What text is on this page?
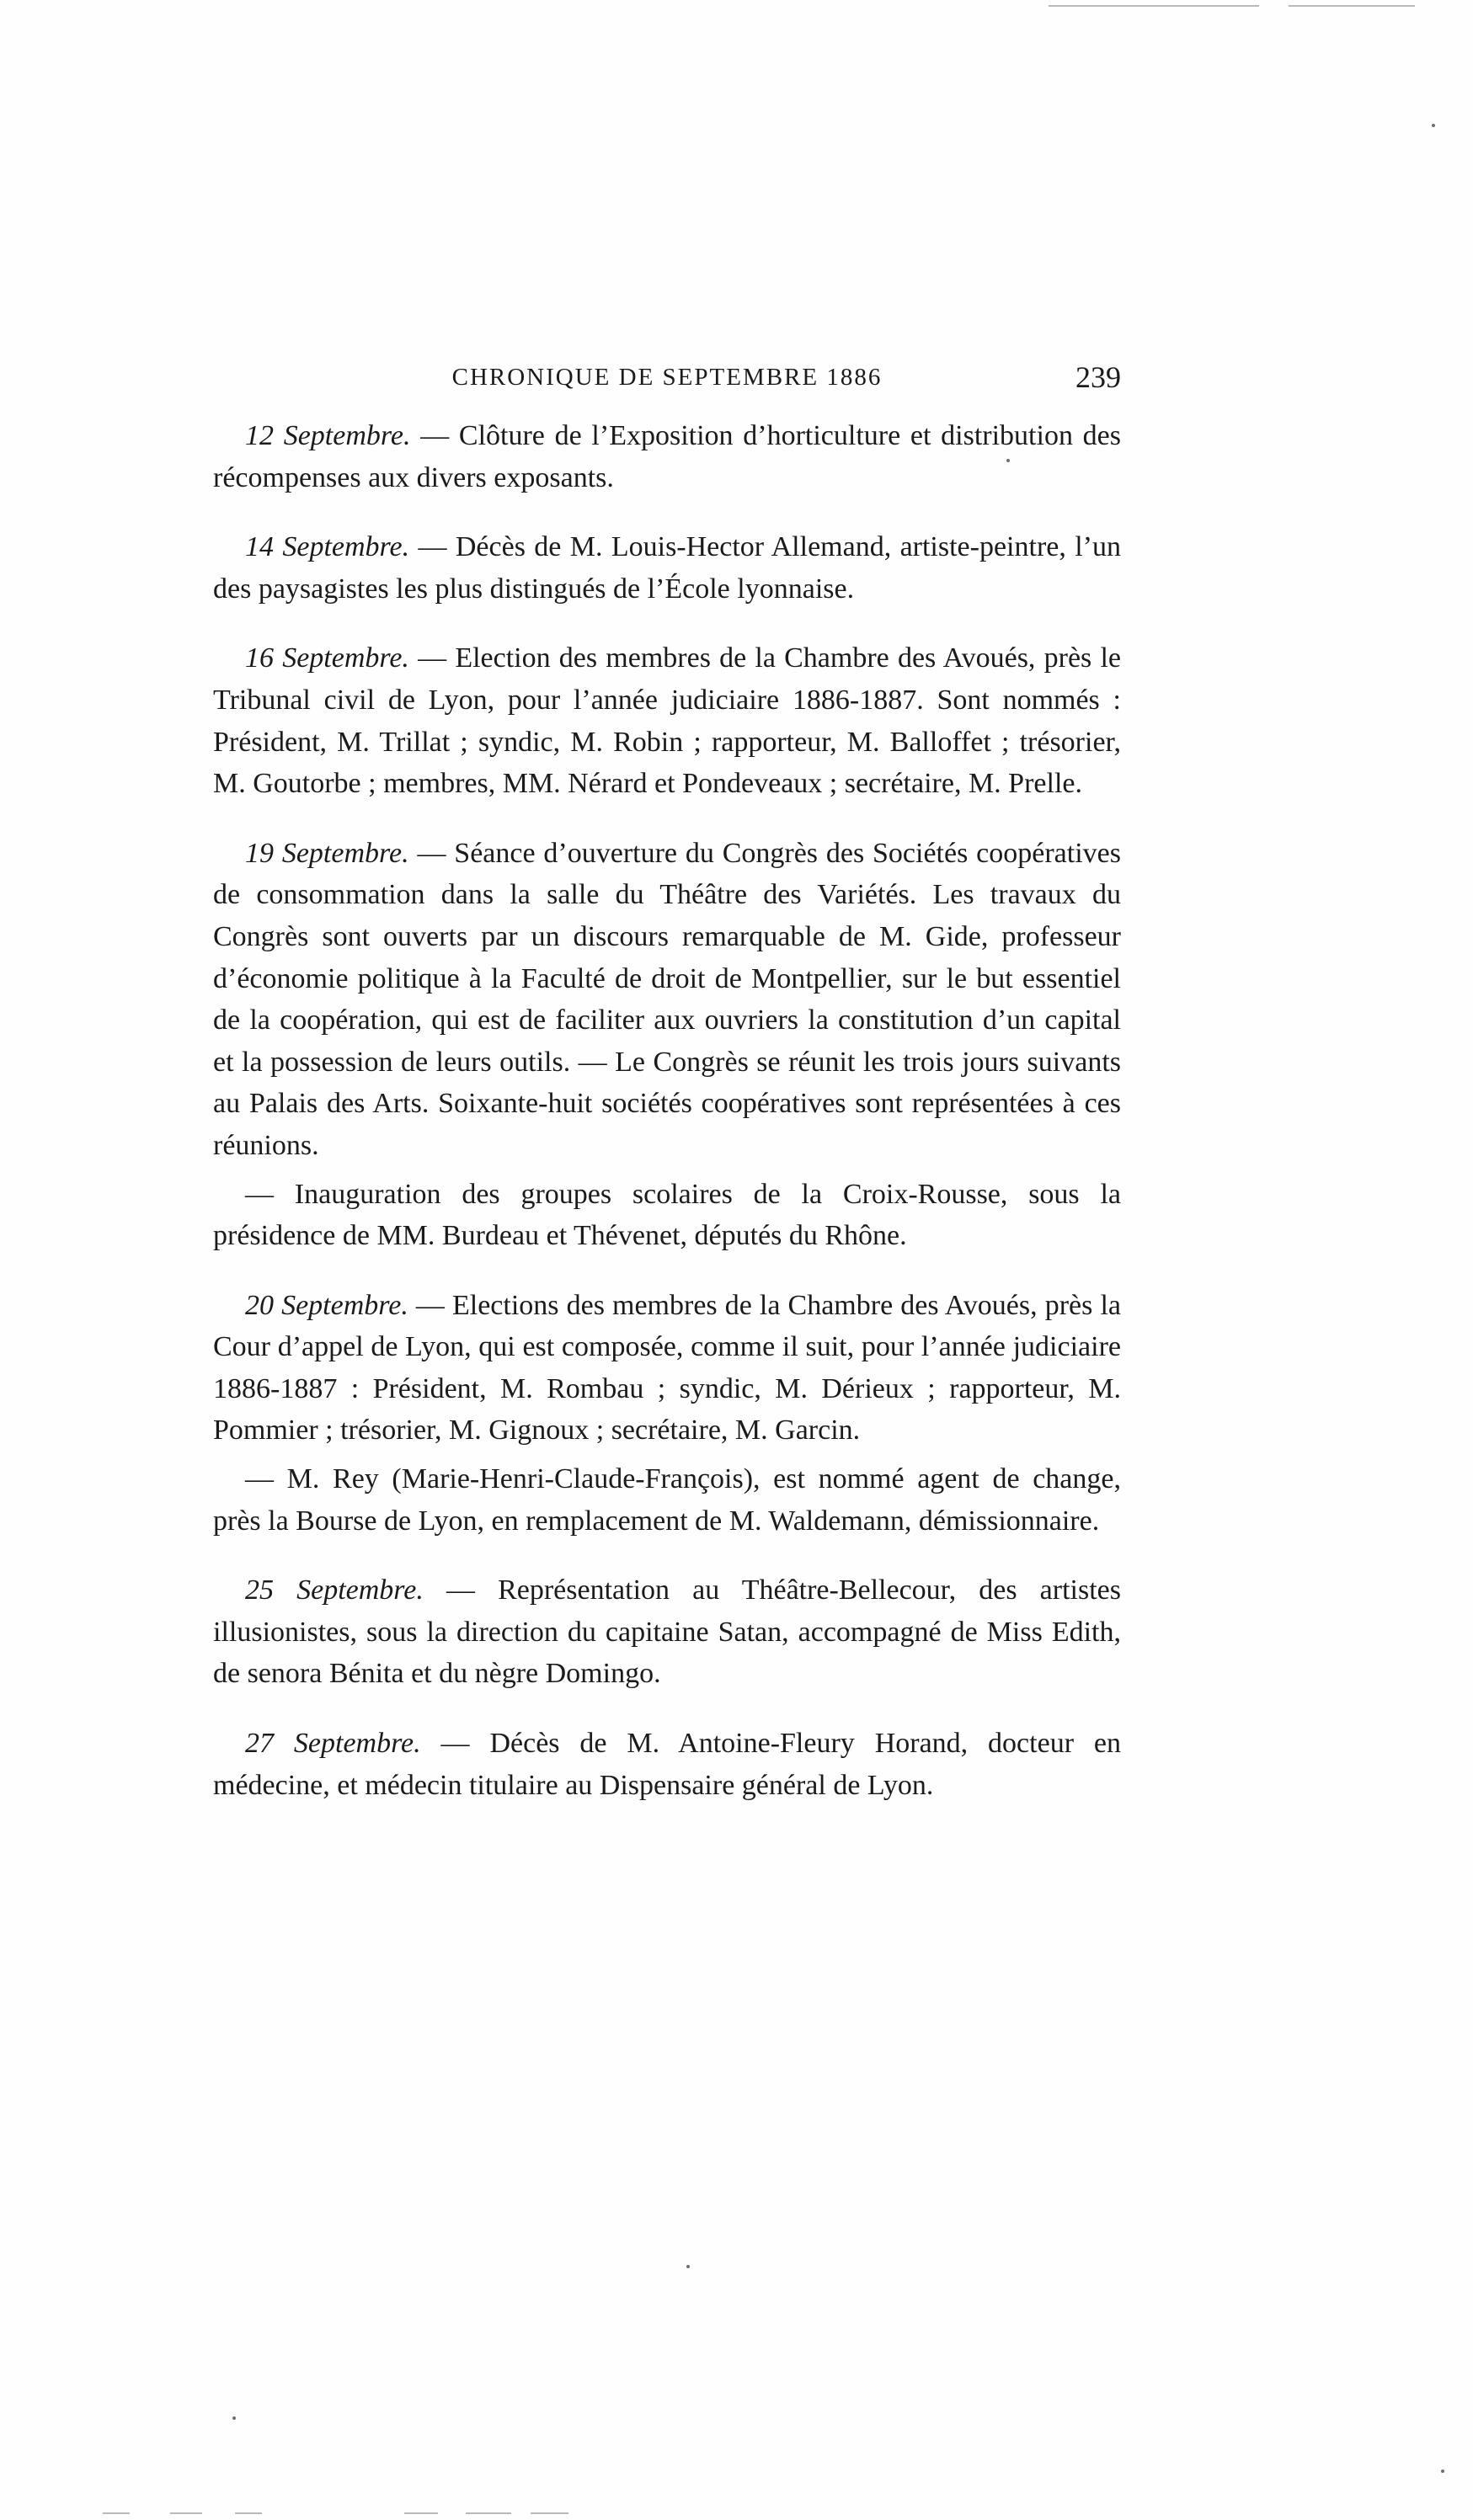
CHRONIQUE DE SEPTEMBRE 1886	239

12 Septembre. — Clôture de l’Exposition d’horticulture et distribution des récompenses aux divers exposants.

14 Septembre. — Décès de M. Louis-Hector Allemand, artiste-peintre, l’un des paysagistes les plus distingués de l’École lyonnaise.

16 Septembre. — Election des membres de la Chambre des Avoués, près le Tribunal civil de Lyon, pour l’année judiciaire 1886-1887. Sont nommés : Président, M. Trillat ; syndic, M. Robin ; rapporteur, M. Balloffet ; trésorier, M. Goutorbe ; membres, MM. Nérard et Pondeveaux ; secrétaire, M. Prelle.

19 Septembre. — Séance d’ouverture du Congrès des Sociétés coopératives de consommation dans la salle du Théâtre des Variétés. Les travaux du Congrès sont ouverts par un discours remarquable de M. Gide, professeur d’économie politique à la Faculté de droit de Montpellier, sur le but essentiel de la coopération, qui est de faciliter aux ouvriers la constitution d’un capital et la possession de leurs outils. — Le Congrès se réunit les trois jours suivants au Palais des Arts. Soixante-huit sociétés coopératives sont représentées à ces réunions.

— Inauguration des groupes scolaires de la Croix-Rousse, sous la présidence de MM. Burdeau et Thévenet, députés du Rhône.

20 Septembre. — Elections des membres de la Chambre des Avoués, près la Cour d’appel de Lyon, qui est composée, comme il suit, pour l’année judiciaire 1886-1887 : Président, M. Rombau ; syndic, M. Dérieux ; rapporteur, M. Pommier ; trésorier, M. Gignoux ; secrétaire, M. Garcin.

— M. Rey (Marie-Henri-Claude-François), est nommé agent de change, près la Bourse de Lyon, en remplacement de M. Waldemann, démissionnaire.

25 Septembre. — Représentation au Théâtre-Bellecour, des artistes illusionistes, sous la direction du capitaine Satan, accompagné de Miss Edith, de senora Bénita et du nègre Domingo.

27 Septembre. — Décès de M. Antoine-Fleury Horand, docteur en médecine, et médecin titulaire au Dispensaire général de Lyon.
